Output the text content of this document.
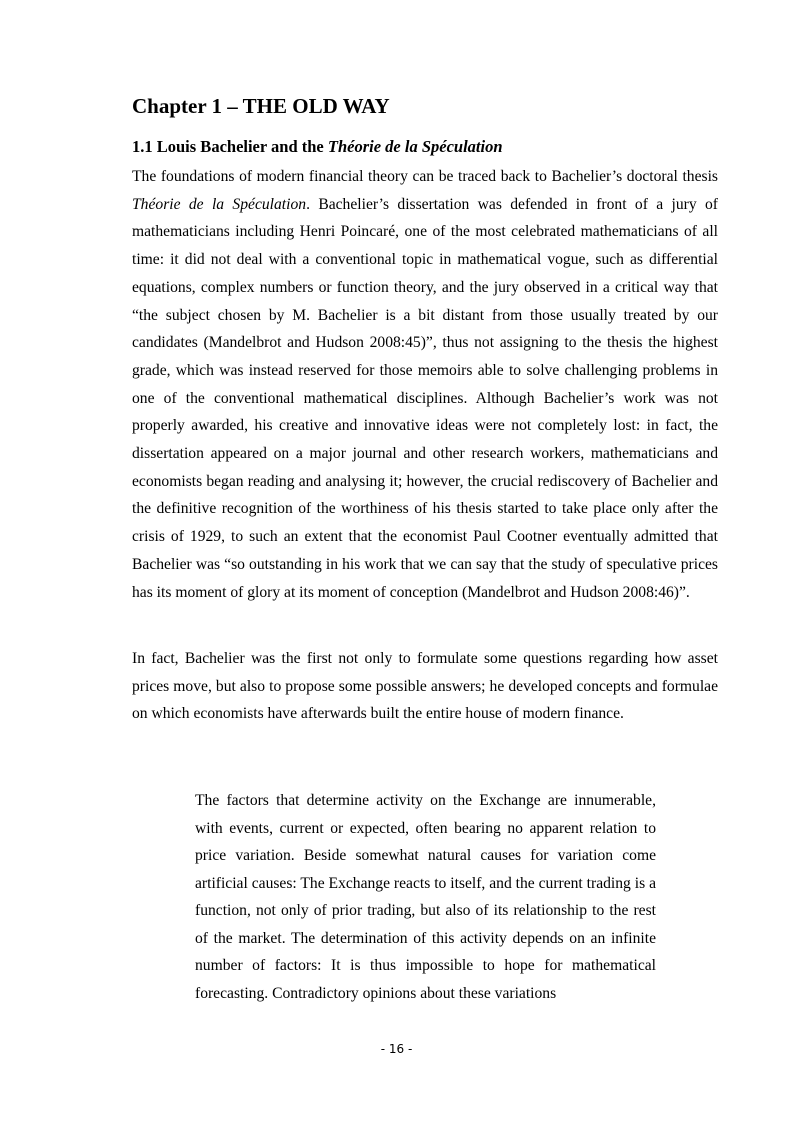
Chapter 1 – THE OLD WAY
1.1 Louis Bachelier and the Théorie de la Spéculation

The foundations of modern financial theory can be traced back to Bachelier’s doctoral thesis Théorie de la Spéculation. Bachelier’s dissertation was defended in front of a jury of mathematicians including Henri Poincaré, one of the most celebrated mathematicians of all time: it did not deal with a conventional topic in mathematical vogue, such as differential equations, complex numbers or function theory, and the jury observed in a critical way that “the subject chosen by M. Bachelier is a bit distant from those usually treated by our candidates (Mandelbrot and Hudson 2008:45)”, thus not assigning to the thesis the highest grade, which was instead reserved for those memoirs able to solve challenging problems in one of the conventional mathematical disciplines. Although Bachelier’s work was not properly awarded, his creative and innovative ideas were not completely lost: in fact, the dissertation appeared on a major journal and other research workers, mathematicians and economists began reading and analysing it; however, the crucial rediscovery of Bachelier and the definitive recognition of the worthiness of his thesis started to take place only after the crisis of 1929, to such an extent that the economist Paul Cootner eventually admitted that Bachelier was “so outstanding in his work that we can say that the study of speculative prices has its moment of glory at its moment of conception (Mandelbrot and Hudson 2008:46)”.

In fact, Bachelier was the first not only to formulate some questions regarding how asset prices move, but also to propose some possible answers; he developed concepts and formulae on which economists have afterwards built the entire house of modern finance.

The factors that determine activity on the Exchange are innumerable, with events, current or expected, often bearing no apparent relation to price variation. Beside somewhat natural causes for variation come artificial causes: The Exchange reacts to itself, and the current trading is a function, not only of prior trading, but also of its relationship to the rest of the market. The determination of this activity depends on an infinite number of factors: It is thus impossible to hope for mathematical forecasting. Contradictory opinions about these variations

- 16 -
